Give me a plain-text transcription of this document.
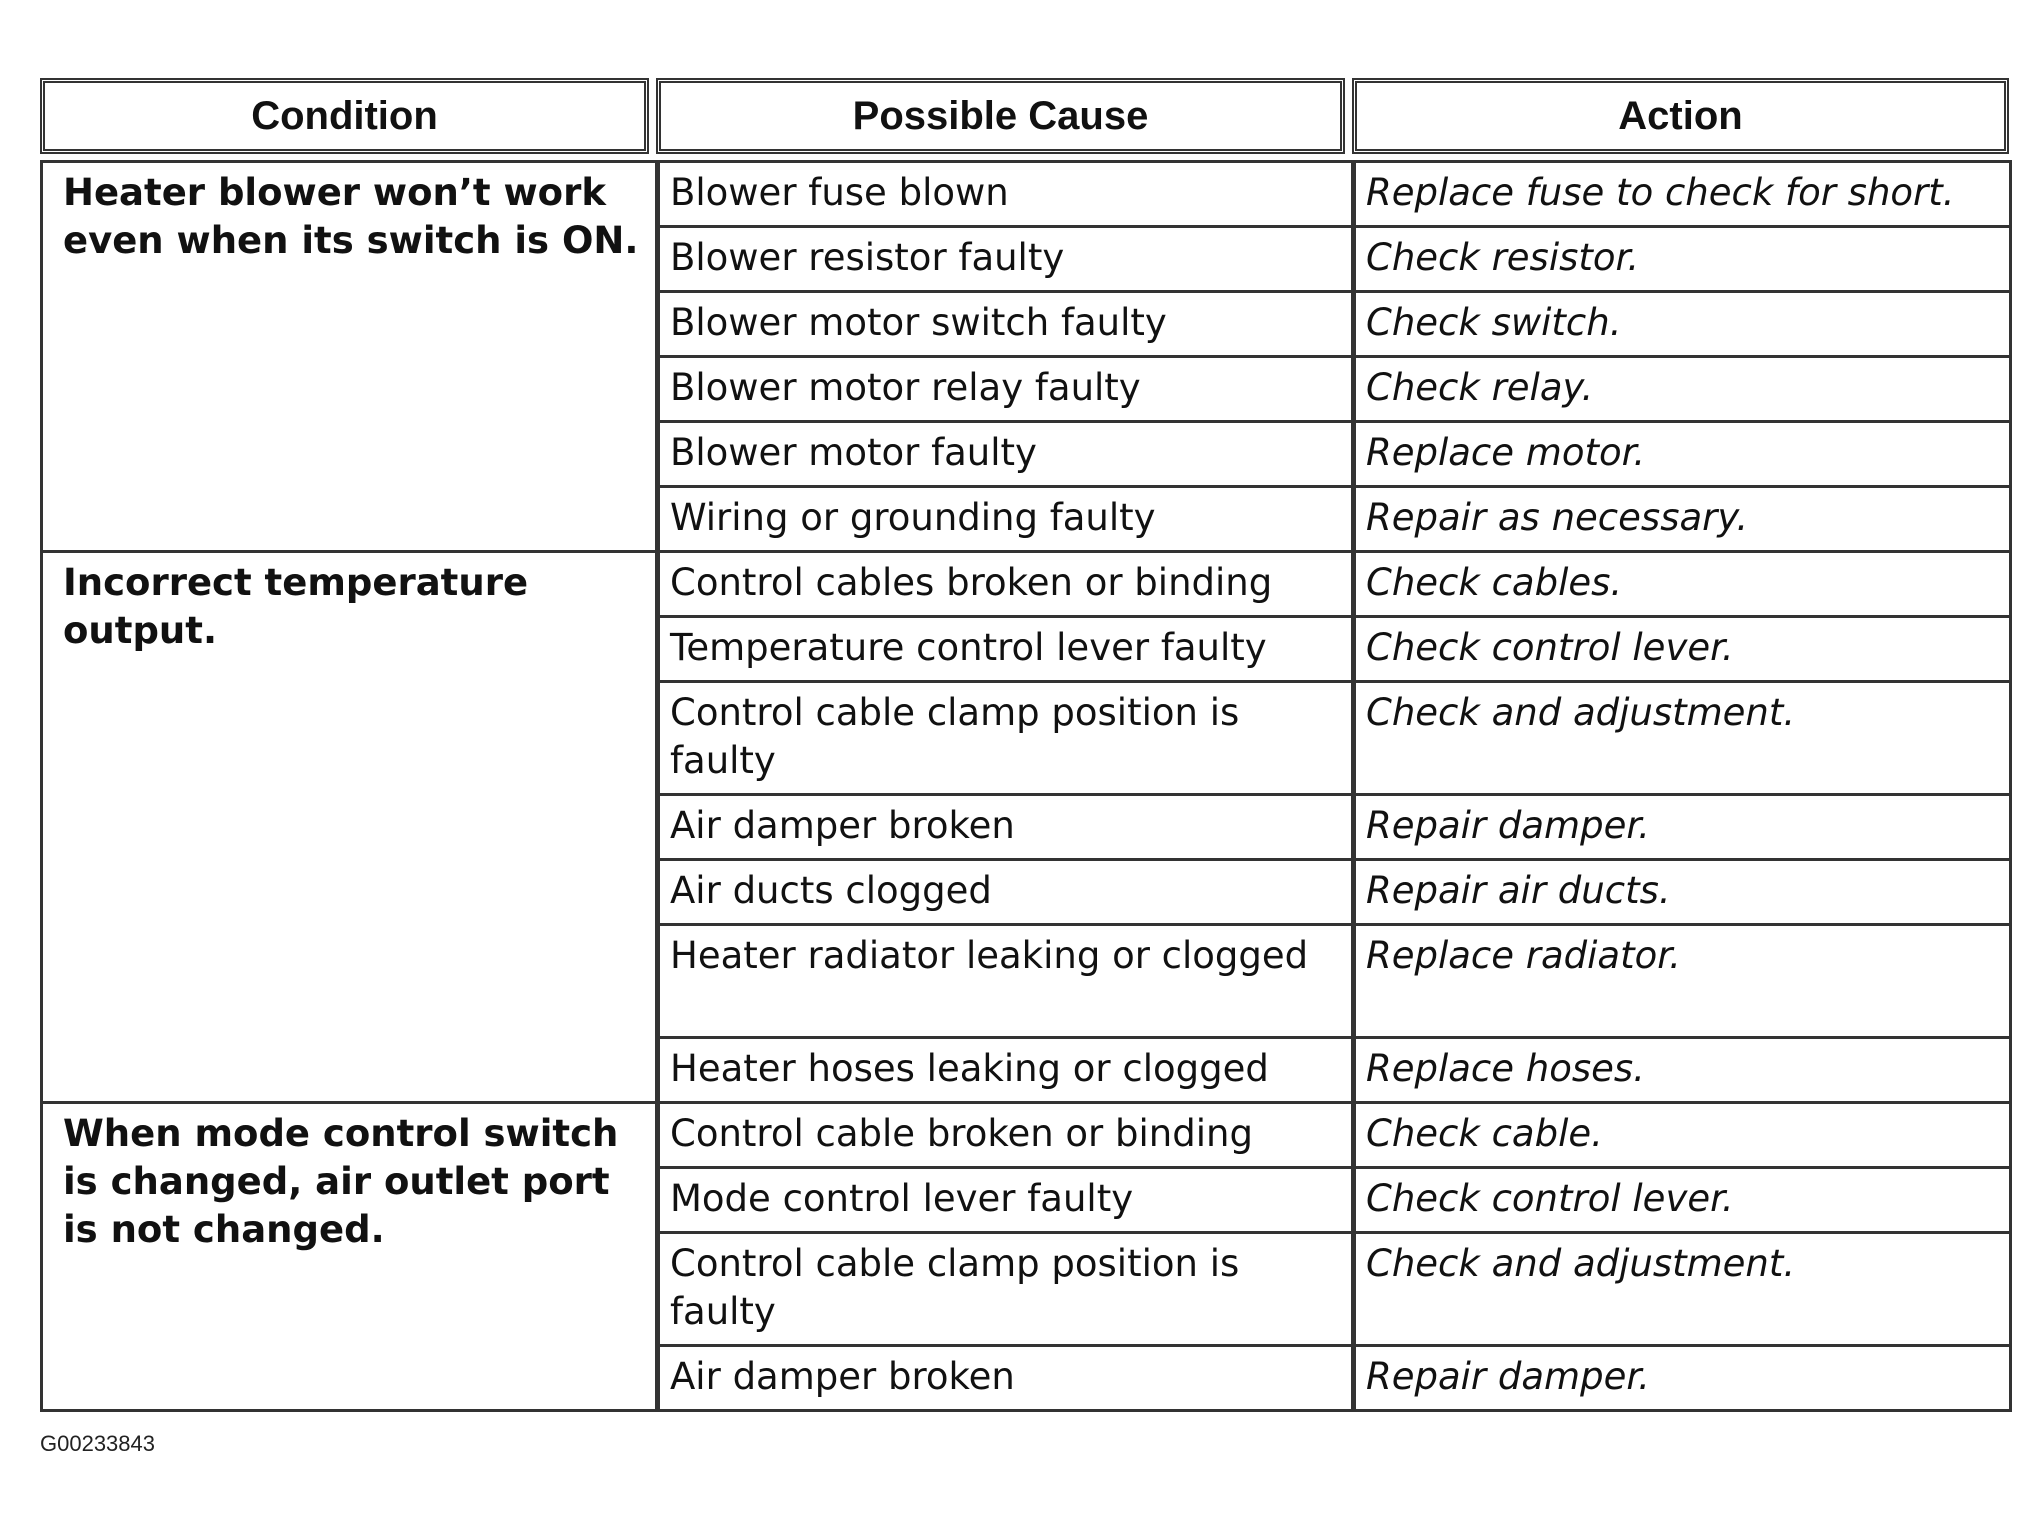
Condition	Possible Cause	Action
Heater blower won’t work even when its switch is ON.	Blower fuse blown	Replace fuse to check for short.
	Blower resistor faulty	Check resistor.
	Blower motor switch faulty	Check switch.
	Blower motor relay faulty	Check relay.
	Blower motor faulty	Replace motor.
	Wiring or grounding faulty	Repair as necessary.
Incorrect temperature output.	Control cables broken or binding	Check cables.
	Temperature control lever faulty	Check control lever.
	Control cable clamp position is faulty	Check and adjustment.
	Air damper broken	Repair damper.
	Air ducts clogged	Repair air ducts.
	Heater radiator leaking or clogged	Replace radiator.
	Heater hoses leaking or clogged	Replace hoses.
When mode control switch is changed, air outlet port is not changed.	Control cable broken or binding	Check cable.
	Mode control lever faulty	Check control lever.
	Control cable clamp position is faulty	Check and adjustment.
	Air damper broken	Repair damper.
G00233843
